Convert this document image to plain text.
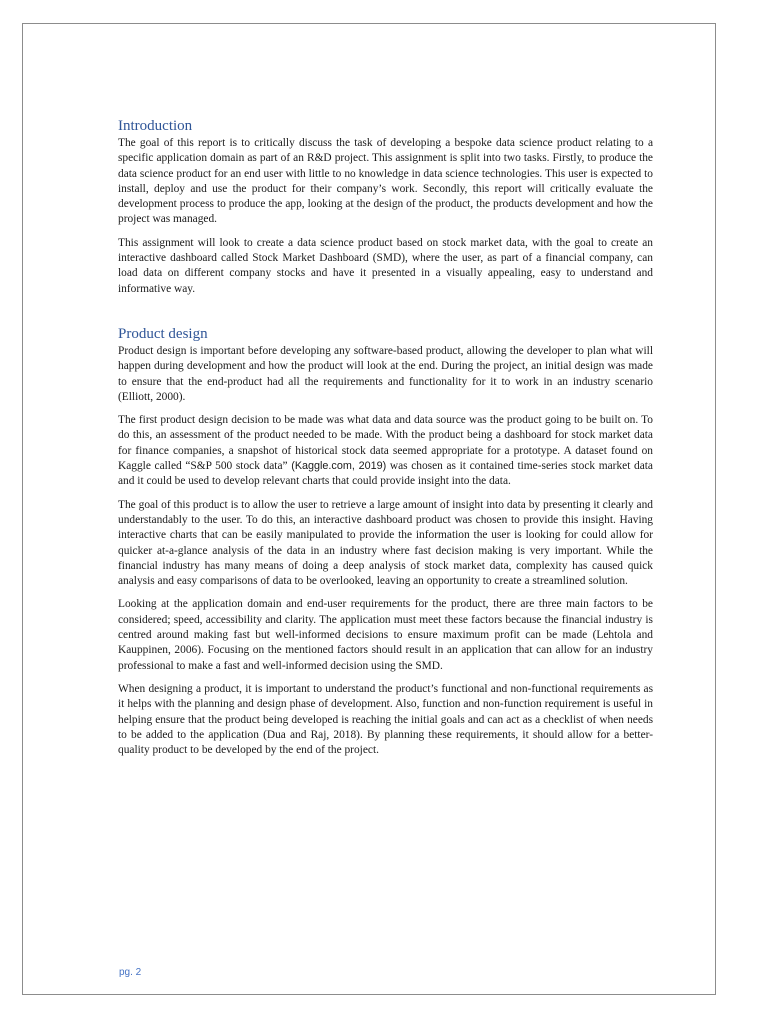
Introduction

The goal of this report is to critically discuss the task of developing a bespoke data science product relating to a specific application domain as part of an R&D project. This assignment is split into two tasks. Firstly, to produce the data science product for an end user with little to no knowledge in data science technologies. This user is expected to install, deploy and use the product for their company’s work. Secondly, this report will critically evaluate the development process to produce the app, looking at the design of the product, the products development and how the project was managed.

This assignment will look to create a data science product based on stock market data, with the goal to create an interactive dashboard called Stock Market Dashboard (SMD), where the user, as part of a financial company, can load data on different company stocks and have it presented in a visually appealing, easy to understand and informative way.

Product design

Product design is important before developing any software-based product, allowing the developer to plan what will happen during development and how the product will look at the end. During the project, an initial design was made to ensure that the end-product had all the requirements and functionality for it to work in an industry scenario (Elliott, 2000).

The first product design decision to be made was what data and data source was the product going to be built on. To do this, an assessment of the product needed to be made. With the product being a dashboard for stock market data for finance companies, a snapshot of historical stock data seemed appropriate for a prototype. A dataset found on Kaggle called “S&P 500 stock data” (Kaggle.com, 2019) was chosen as it contained time-series stock market data and it could be used to develop relevant charts that could provide insight into the data.

The goal of this product is to allow the user to retrieve a large amount of insight into data by presenting it clearly and understandably to the user. To do this, an interactive dashboard product was chosen to provide this insight. Having interactive charts that can be easily manipulated to provide the information the user is looking for could allow for quicker at-a-glance analysis of the data in an industry where fast decision making is very important. While the financial industry has many means of doing a deep analysis of stock market data, complexity has caused quick analysis and easy comparisons of data to be overlooked, leaving an opportunity to create a streamlined solution.

Looking at the application domain and end-user requirements for the product, there are three main factors to be considered; speed, accessibility and clarity. The application must meet these factors because the financial industry is centred around making fast but well-informed decisions to ensure maximum profit can be made (Lehtola and Kauppinen, 2006). Focusing on the mentioned factors should result in an application that can allow for an industry professional to make a fast and well-informed decision using the SMD.

When designing a product, it is important to understand the product’s functional and non-functional requirements as it helps with the planning and design phase of development. Also, function and non-function requirement is useful in helping ensure that the product being developed is reaching the initial goals and can act as a checklist of when needs to be added to the application (Dua and Raj, 2018). By planning these requirements, it should allow for a better-quality product to be developed by the end of the project.

pg. 2
